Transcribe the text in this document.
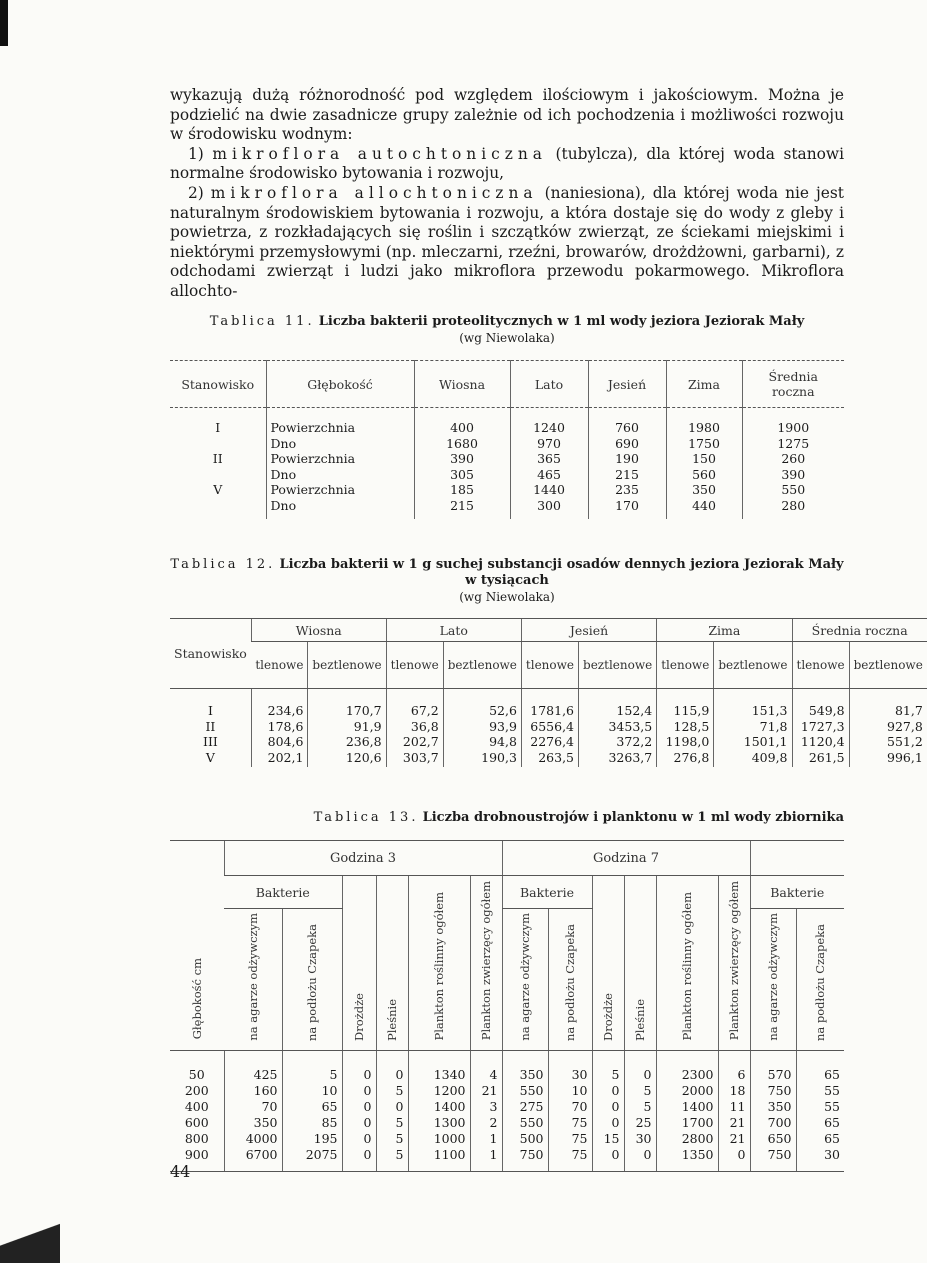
wykazują dużą różnorodność pod względem ilościowym i jakościowym. Można je podzielić na dwie zasadnicze grupy zależnie od ich pochodzenia i możliwości rozwoju w środowisku wodnym:

1) mikroflora autochtoniczna (tubylcza), dla której woda stanowi normalne środowisko bytowania i rozwoju,

2) mikroflora allochtoniczna (naniesiona), dla której woda nie jest naturalnym środowiskiem bytowania i rozwoju, a która dostaje się do wody z gleby i powietrza, z rozkładających się roślin i szczątków zwierząt, ze ściekami miejskimi i niektórymi przemysłowymi (np. mleczarni, rzeźni, browarów, drożdżowni, garbarni), z odchodami zwierząt i ludzi jako mikroflora przewodu pokarmowego. Mikroflora allochto-

Tablica 11. Liczba bakterii proteolitycznych w 1 ml wody jeziora Jeziorak Mały
(wg Niewolaka)
Stanowisko	Głębokość	Wiosna	Lato	Jesień	Zima	Średnia roczna
I	Powierzchnia	400	1240	760	1980	1900
	Dno	1680	970	690	1750	1275
II	Powierzchnia	390	365	190	150	260
	Dno	305	465	215	560	390
V	Powierzchnia	185	1440	235	350	550
	Dno	215	300	170	440	280
Tablica 12. Liczba bakterii w 1 g suchej substancji osadów dennych jeziora Jeziorak Mały w tysiącach
(wg Niewolaka)
Stanowisko	Wiosna		Lato		Jesień		Zima		Średnia roczna	
	tlenowe	beztlenowe	tlenowe	beztlenowe	tlenowe	beztlenowe	tlenowe	beztlenowe	tlenowe	beztlenowe
I	234,6	170,7	67,2	52,6	1781,6	152,4	115,9	151,3	549,8	81,7
II	178,6	91,9	36,8	93,9	6556,4	3453,5	128,5	71,8	1727,3	927,8
III	804,6	236,8	202,7	94,8	2276,4	372,2	1198,0	1501,1	1120,4	551,2
V	202,1	120,6	303,7	190,3	263,5	3263,7	276,8	409,8	261,5	996,1
Tablica 13. Liczba drobnoustrojów i planktonu w 1 ml wody zbiornika
Głębokość cm	Godzina 3						Godzina 7							
	Bakterie		Drożdże	Pleśnie	Plankton roślinny ogółem	Plankton zwierzęcy ogółem	Bakterie		Drożdże	Pleśnie	Plankton roślinny ogółem	Plankton zwierzęcy ogółem	Bakterie	
	na agarze odżywczym	na podłożu Czapeka					na agarze odżywczym	na podłożu Czapeka					na agarze odżywczym	na podłożu Czapeka
50	425	5	0	0	1340	4	350	30	5	0	2300	6	570	65
200	160	10	0	5	1200	21	550	10	0	5	2000	18	750	55
400	70	65	0	0	1400	3	275	70	0	5	1400	11	350	55
600	350	85	0	5	1300	2	550	75	0	25	1700	21	700	65
800	4000	195	0	5	1000	1	500	75	15	30	2800	21	650	65
900	6700	2075	0	5	1100	1	750	75	0	0	1350	0	750	30
44
